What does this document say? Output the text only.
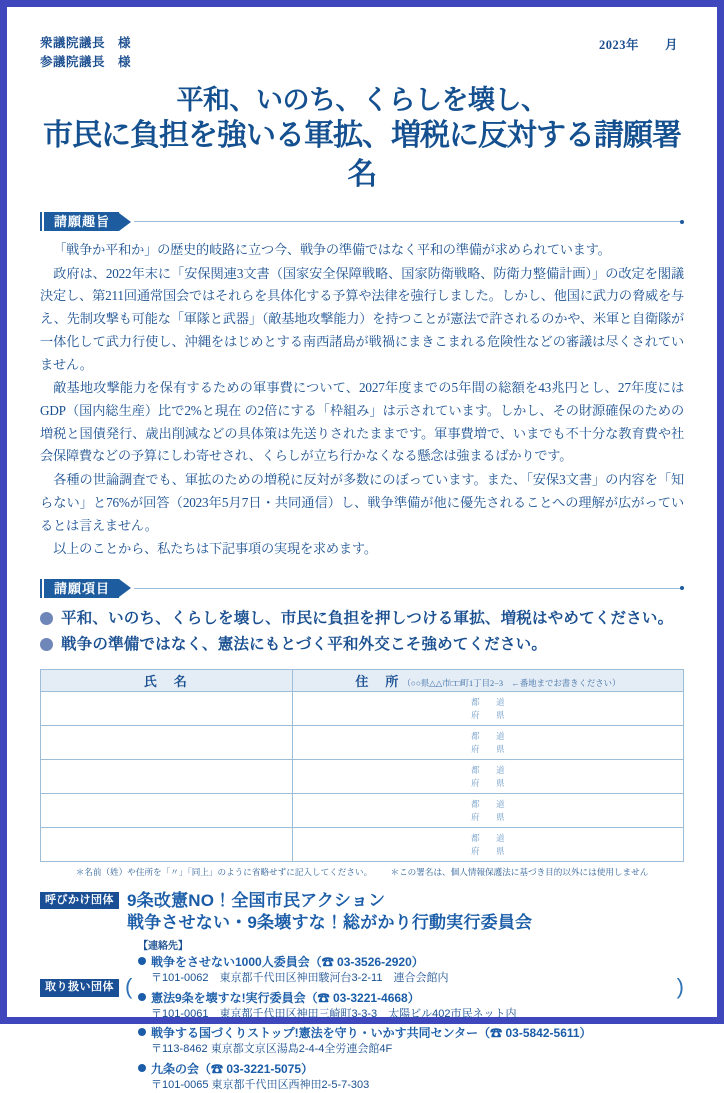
衆議院議長　様
参議院議長　様
2023年　　月
平和、いのち、くらしを壊し、
市民に負担を強いる軍拡、増税に反対する請願署名
請願趣旨

「戦争か平和か」の歴史的岐路に立つ今、戦争の準備ではなく平和の準備が求められています。

政府は、2022年末に「安保関連3文書（国家安全保障戦略、国家防衛戦略、防衛力整備計画）」の改定を閣議決定し、第211回通常国会ではそれらを具体化する予算や法律を強行しました。しかし、他国に武力の脅威を与え、先制攻撃も可能な「軍隊と武器」（敵基地攻撃能力）を持つことが憲法で許されるのかや、米軍と自衛隊が一体化して武力行使し、沖縄をはじめとする南西諸島が戦禍にまきこまれる危険性などの審議は尽くされていません。

敵基地攻撃能力を保有するための軍事費について、2027年度までの5年間の総額を43兆円とし、27年度にはGDP（国内総生産）比で2%と現在 の2倍にする「枠組み」は示されています。しかし、その財源確保のための増税と国債発行、歳出削減などの具体策は先送りされたままです。軍事費増で、いまでも不十分な教育費や社会保障費などの予算にしわ寄せされ、くらしが立ち行かなくなる懸念は強まるばかりです。

各種の世論調査でも、軍拡のための増税に反対が多数にのぼっています。また、「安保3文書」の内容を「知らない」と76%が回答（2023年5月7日・共同通信）し、戦争準備が他に優先されることへの理解が広がっているとは言えません。

以上のことから、私たちは下記事項の実現を求めます。

請願項目
平和、いのち、くらしを壊し、市民に負担を押しつける軍拡、増税はやめてください。
戦争の準備ではなく、憲法にもとづく平和外交こそ強めてください。
氏　名	住　所 （○○県△△市□□町1丁目2−3　←番地までお書きください）

	都　道
府　県

	都　道
府　県

	都　道
府　県

	都　道
府　県

	都　道
府　県
＊名前（姓）や住所を「〃」「同上」のように省略せずに記入してください。 ＊この署名は、個人情報保護法に基づき目的以外には使用しません
呼びかけ団体 9条改憲NO！全国市民アクション
戦争させない・9条壊すな！総がかり行動実行委員会
【連絡先】
戦争をさせない1000人委員会（☎ 03-3526-2920）
〒101-0062　東京都千代田区神田駿河台3-2-11　連合会館内
憲法9条を壊すな!実行委員会（☎ 03-3221-4668）
〒101-0061　東京都千代田区神田三崎町3-3-3　太陽ビル402市民ネット内
戦争する国づくりストップ!憲法を守り・いかす共同センター（☎ 03-5842-5611）
〒113-8462 東京都文京区湯島2-4-4全労連会館4F
九条の会（☎ 03-3221-5075）
〒101-0065 東京都千代田区西神田2-5-7-303
取り扱い団体 (	)
